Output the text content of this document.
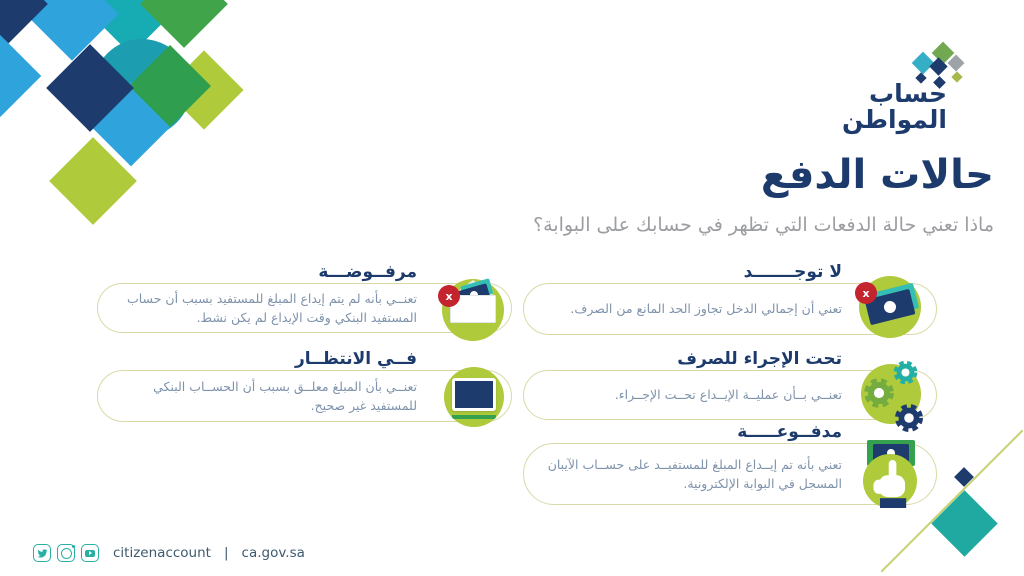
حساب
المواطن
حالات الدفع
ماذا تعني حالة الدفعات التي تظهر في حسابك على البوابة؟
لا توجـــــــد

تعني أن إجمالي الدخل تجاوز الحد المانع من الصرف.

x
تحت الإجراء للصرف

تعنــي بــأن عمليــة الإيــداع تحــت الإجــراء.

مدفــوعـــــة

تعني بأنه تم إيــداع المبلغ للمستفيــد على حســاب الآيبان المسجل في البوابة الإلكترونية.

مرفــوضـــة

تعنــي بأنه لم يتم إيداع المبلغ للمستفيد بسبب أن حساب المستفيد البنكي وقت الإيداع لم يكن نشط.

x
فــي الانتظــار

تعنــي بأن المبلغ معلــق بسبب أن الحســاب البنكي للمستفيد غير صحيح.

citizenaccount | ca.gov.sa
